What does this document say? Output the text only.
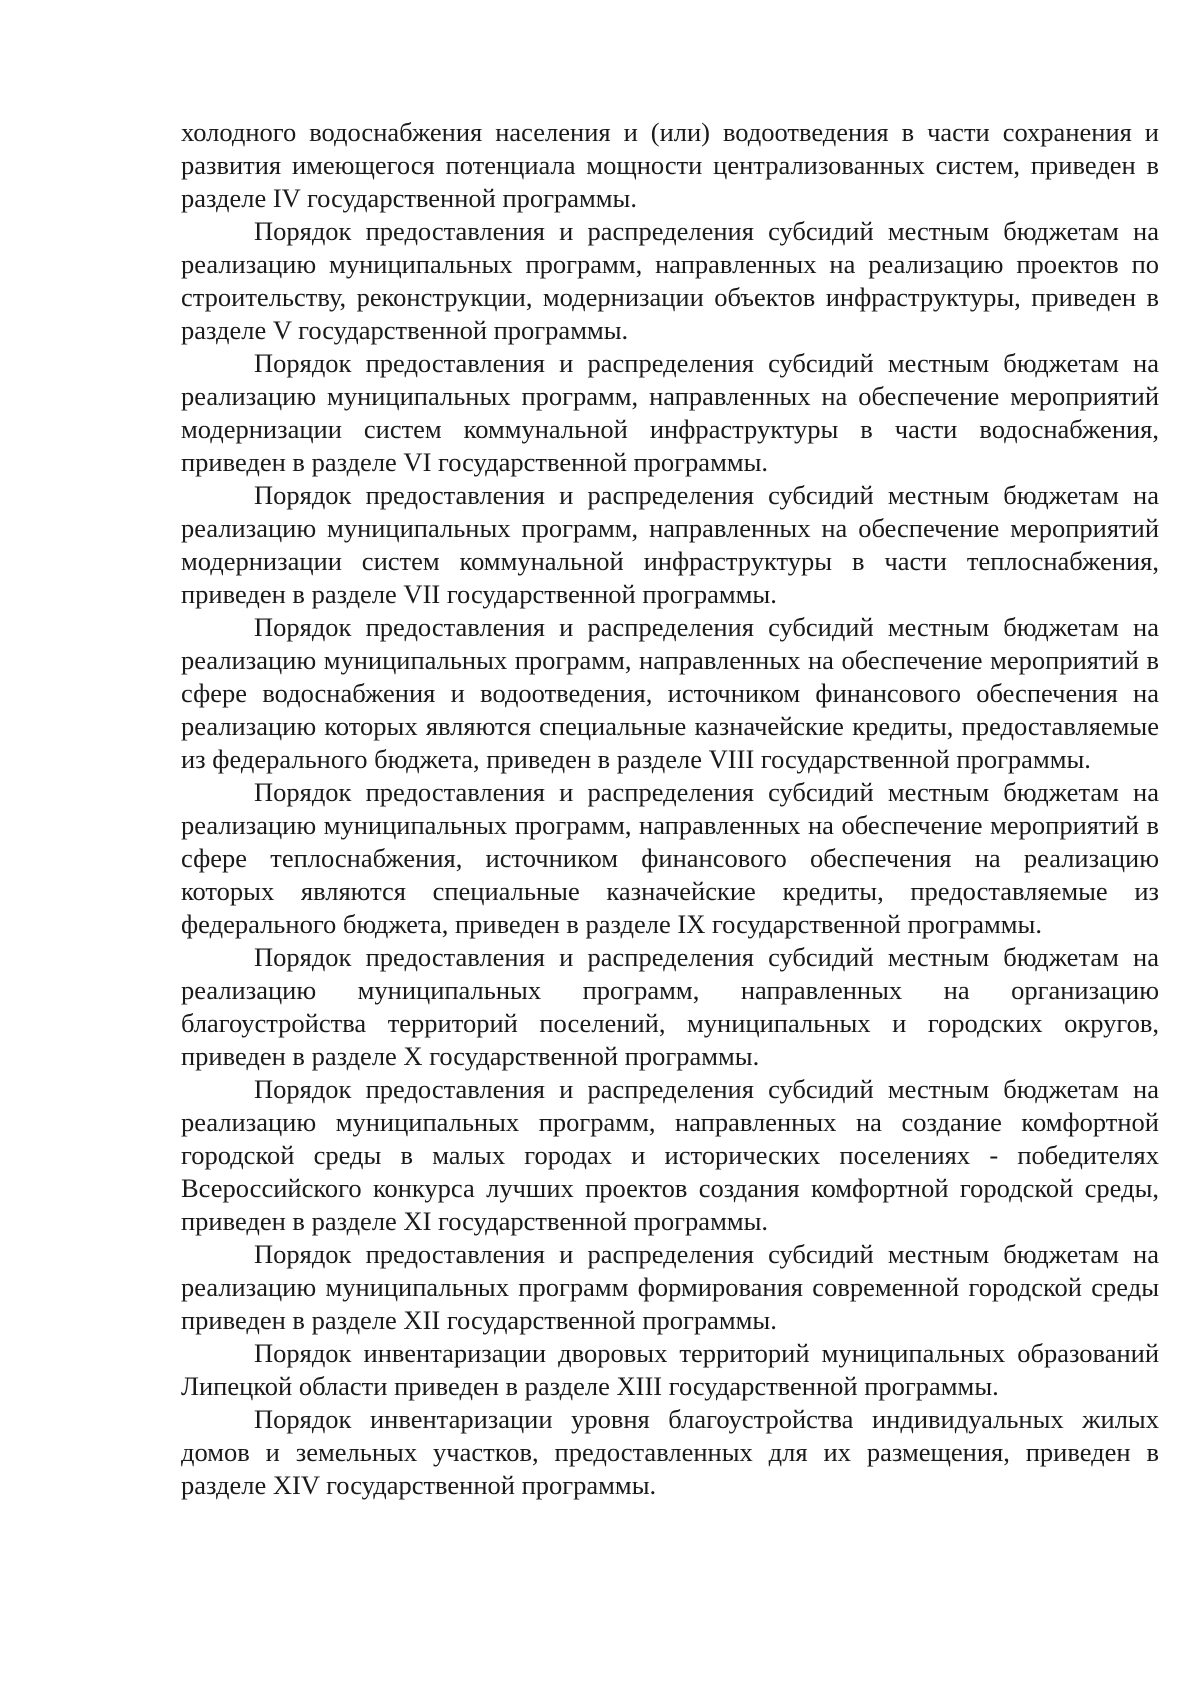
холодного водоснабжения населения и (или) водоотведения в части сохранения и развития имеющегося потенциала мощности централизованных систем, приведен в разделе IV государственной программы.

Порядок предоставления и распределения субсидий местным бюджетам на реализацию муниципальных программ, направленных на реализацию проектов по строительству, реконструкции, модернизации объектов инфраструктуры, приведен в разделе V государственной программы.

Порядок предоставления и распределения субсидий местным бюджетам на реализацию муниципальных программ, направленных на обеспечение мероприятий модернизации систем коммунальной инфраструктуры в части водоснабжения, приведен в разделе VI государственной программы.

Порядок предоставления и распределения субсидий местным бюджетам на реализацию муниципальных программ, направленных на обеспечение мероприятий модернизации систем коммунальной инфраструктуры в части теплоснабжения, приведен в разделе VII государственной программы.

Порядок предоставления и распределения субсидий местным бюджетам на реализацию муниципальных программ, направленных на обеспечение мероприятий в сфере водоснабжения и водоотведения, источником финансового обеспечения на реализацию которых являются специальные казначейские кредиты, предоставляемые из федерального бюджета, приведен в разделе VIII государственной программы.

Порядок предоставления и распределения субсидий местным бюджетам на реализацию муниципальных программ, направленных на обеспечение мероприятий в сфере теплоснабжения, источником финансового обеспечения на реализацию которых являются специальные казначейские кредиты, предоставляемые из федерального бюджета, приведен в разделе IX государственной программы.

Порядок предоставления и распределения субсидий местным бюджетам на реализацию муниципальных программ, направленных на организацию благоустройства территорий поселений, муниципальных и городских округов, приведен в разделе X государственной программы.

Порядок предоставления и распределения субсидий местным бюджетам на реализацию муниципальных программ, направленных на создание комфортной городской среды в малых городах и исторических поселениях - победителях Всероссийского конкурса лучших проектов создания комфортной городской среды, приведен в разделе XI государственной программы.

Порядок предоставления и распределения субсидий местным бюджетам на реализацию муниципальных программ формирования современной городской среды приведен в разделе XII государственной программы.

Порядок инвентаризации дворовых территорий муниципальных образований Липецкой области приведен в разделе XIII государственной программы.

Порядок инвентаризации уровня благоустройства индивидуальных жилых домов и земельных участков, предоставленных для их размещения, приведен в разделе XIV государственной программы.
